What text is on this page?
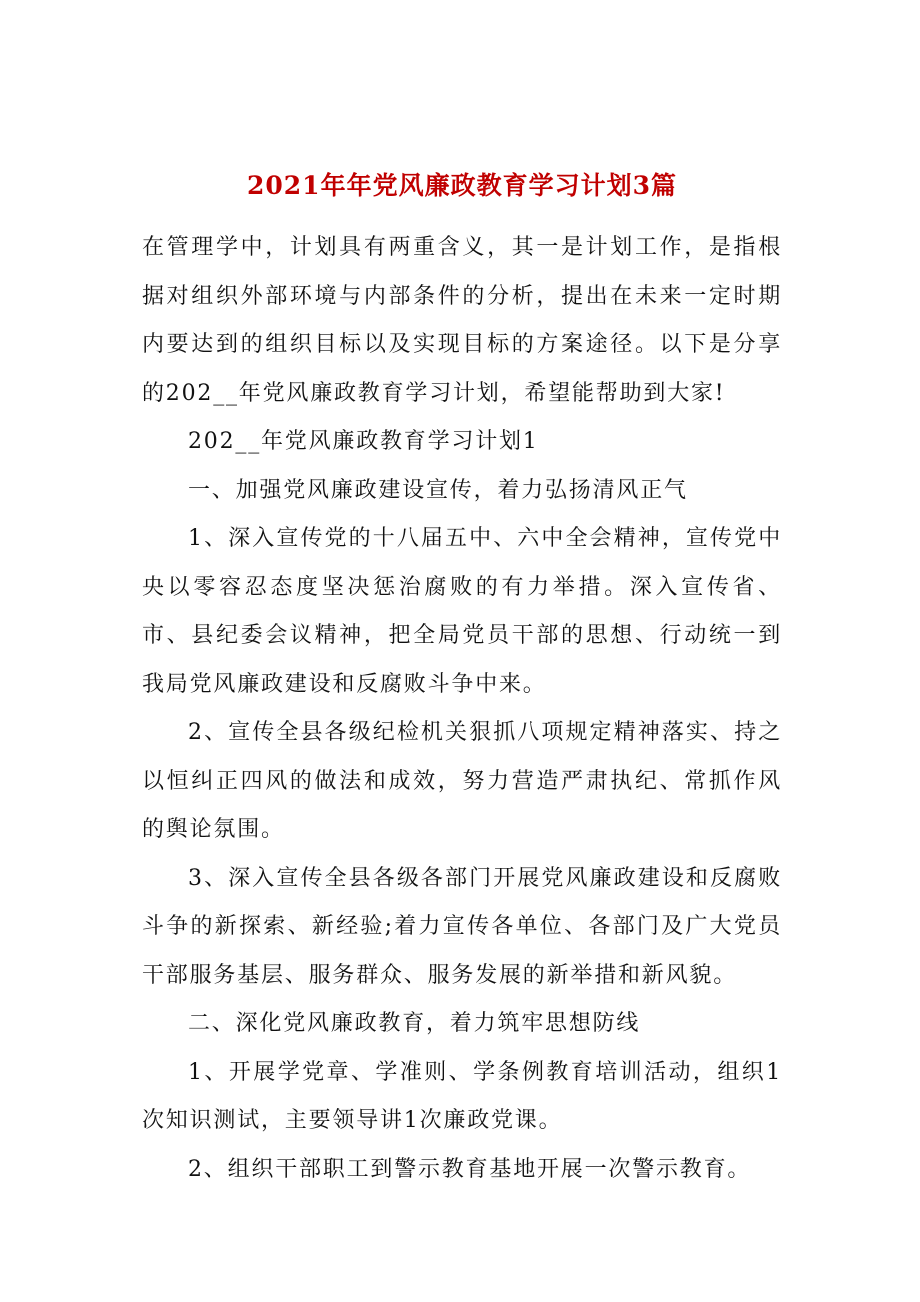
2021年年党风廉政教育学习计划3篇

在管理学中，计划具有两重含义，其一是计划工作，是指根据对组织外部环境与内部条件的分析，提出在未来一定时期内要达到的组织目标以及实现目标的方案途径。以下是分享的202__年党风廉政教育学习计划，希望能帮助到大家!

202__年党风廉政教育学习计划1

一、加强党风廉政建设宣传，着力弘扬清风正气

1、深入宣传党的十八届五中、六中全会精神，宣传党中央以零容忍态度坚决惩治腐败的有力举措。深入宣传省、市、县纪委会议精神，把全局党员干部的思想、行动统一到我局党风廉政建设和反腐败斗争中来。

2、宣传全县各级纪检机关狠抓八项规定精神落实、持之以恒纠正四风的做法和成效，努力营造严肃执纪、常抓作风的舆论氛围。

3、深入宣传全县各级各部门开展党风廉政建设和反腐败斗争的新探索、新经验;着力宣传各单位、各部门及广大党员干部服务基层、服务群众、服务发展的新举措和新风貌。

二、深化党风廉政教育，着力筑牢思想防线

1、开展学党章、学准则、学条例教育培训活动，组织1次知识测试，主要领导讲1次廉政党课。

2、组织干部职工到警示教育基地开展一次警示教育。
